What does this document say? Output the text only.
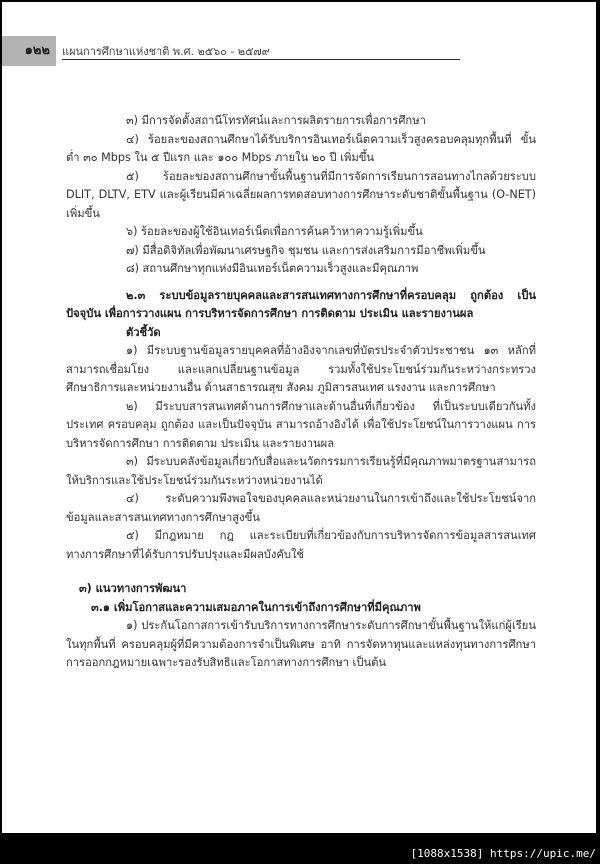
๑๒๒	แผนการศึกษาแห่งชาติ พ.ศ. ๒๕๖๐ - ๒๕๗๙

๓) มีการจัดตั้งสถานีโทรทัศน์และการผลิตรายการเพื่อการศึกษา

๔) ร้อยละของสถานศึกษาได้รับบริการอินเทอร์เน็ตความเร็วสูงครอบคลุมทุกพื้นที่ ขั้นต่ำ ๓๐ Mbps ใน ๕ ปีแรก และ ๑๐๐ Mbps ภายใน ๒๐ ปี เพิ่มขึ้น

๕) ร้อยละของสถานศึกษาขั้นพื้นฐานที่มีการจัดการเรียนการสอนทางไกลด้วยระบบ DLIT, DLTV, ETV และผู้เรียนมีค่าเฉลี่ยผลการทดสอบทางการศึกษาระดับชาติขั้นพื้นฐาน (O-NET) เพิ่มขึ้น

๖) ร้อยละของผู้ใช้อินเทอร์เน็ตเพื่อการค้นคว้าหาความรู้เพิ่มขึ้น

๗) มีสื่อดิจิทัลเพื่อพัฒนาเศรษฐกิจ ชุมชน และการส่งเสริมการมีอาชีพเพิ่มขึ้น

๘) สถานศึกษาทุกแห่งมีอินเทอร์เน็ตความเร็วสูงและมีคุณภาพ

๒.๓ ระบบข้อมูลรายบุคคลและสารสนเทศทางการศึกษาที่ครอบคลุม ถูกต้อง เป็นปัจจุบัน เพื่อการวางแผน การบริหารจัดการศึกษา การติดตาม ประเมิน และรายงานผล

ตัวชี้วัด

๑) มีระบบฐานข้อมูลรายบุคคลที่อ้างอิงจากเลขที่บัตรประจำตัวประชาชน ๑๓ หลักที่สามารถเชื่อมโยง และแลกเปลี่ยนฐานข้อมูล รวมทั้งใช้ประโยชน์ร่วมกันระหว่างกระทรวงศึกษาธิการและหน่วยงานอื่น ด้านสาธารณสุข สังคม ภูมิสารสนเทศ แรงงาน และการศึกษา

๒) มีระบบสารสนเทศด้านการศึกษาและด้านอื่นที่เกี่ยวข้อง ที่เป็นระบบเดียวกันทั้งประเทศ ครอบคลุม ถูกต้อง และเป็นปัจจุบัน สามารถอ้างอิงได้ เพื่อใช้ประโยชน์ในการวางแผน การบริหารจัดการศึกษา การติดตาม ประเมิน และรายงานผล

๓) มีระบบคลังข้อมูลเกี่ยวกับสื่อและนวัตกรรมการเรียนรู้ที่มีคุณภาพมาตรฐานสามารถให้บริการและใช้ประโยชน์ร่วมกันระหว่างหน่วยงานได้

๔) ระดับความพึงพอใจของบุคคลและหน่วยงานในการเข้าถึงและใช้ประโยชน์จากข้อมูลและสารสนเทศทางการศึกษาสูงขึ้น

๕) มีกฎหมาย กฎ และระเบียบที่เกี่ยวข้องกับการบริหารจัดการข้อมูลสารสนเทศทางการศึกษาที่ได้รับการปรับปรุงและมีผลบังคับใช้

๓) แนวทางการพัฒนา

๓.๑ เพิ่มโอกาสและความเสมอภาคในการเข้าถึงการศึกษาที่มีคุณภาพ

๑) ประกันโอกาสการเข้ารับบริการทางการศึกษาระดับการศึกษาขั้นพื้นฐานให้แก่ผู้เรียนในทุกพื้นที่ ครอบคลุมผู้ที่มีความต้องการจำเป็นพิเศษ อาทิ การจัดหาทุนและแหล่งทุนทางการศึกษา การออกกฎหมายเฉพาะรองรับสิทธิและโอกาสทางการศึกษา เป็นต้น

[1088x1538] https://upic.me/
